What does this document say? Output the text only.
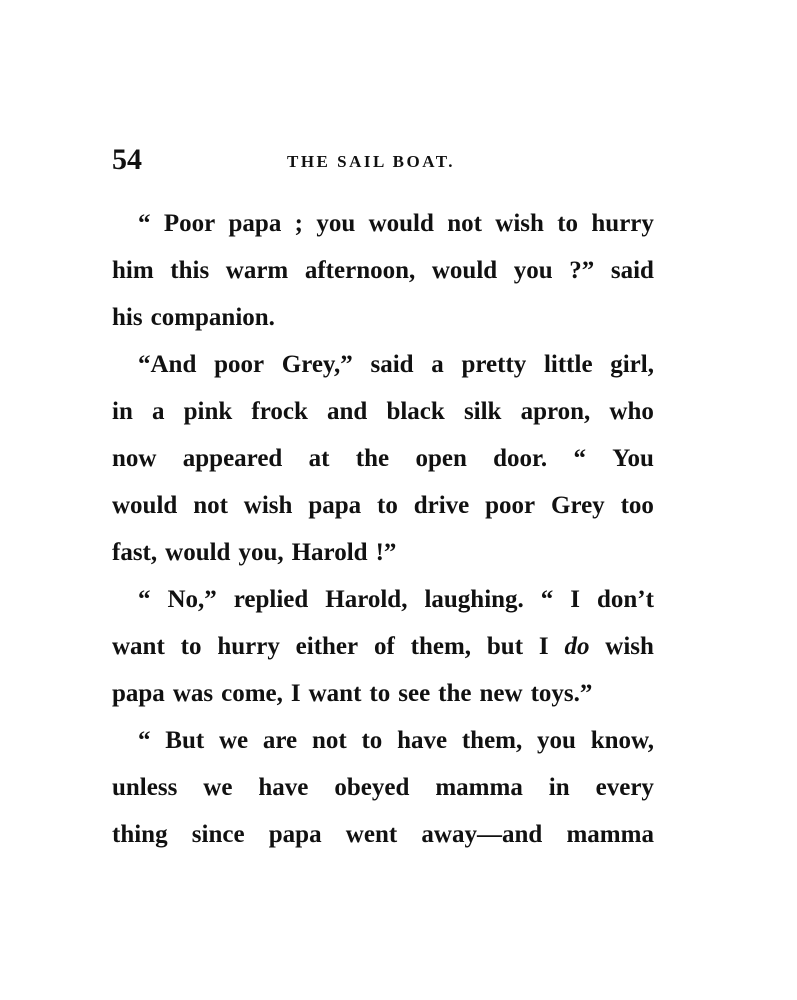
54	THE SAIL BOAT.
“ Poor papa ; you would not wish to hurry
him this warm afternoon, would you ?” said
his companion.
“And poor Grey,” said a pretty little girl,
in a pink frock and black silk apron, who
now appeared at the open door. “ You
would not wish papa to drive poor Grey too
fast, would you, Harold !”
“ No,” replied Harold, laughing. “ I don’t
want to hurry either of them, but I do wish
papa was come, I want to see the new toys.”
“ But we are not to have them, you know,
unless we have obeyed mamma in every
thing since papa went away—and mamma
